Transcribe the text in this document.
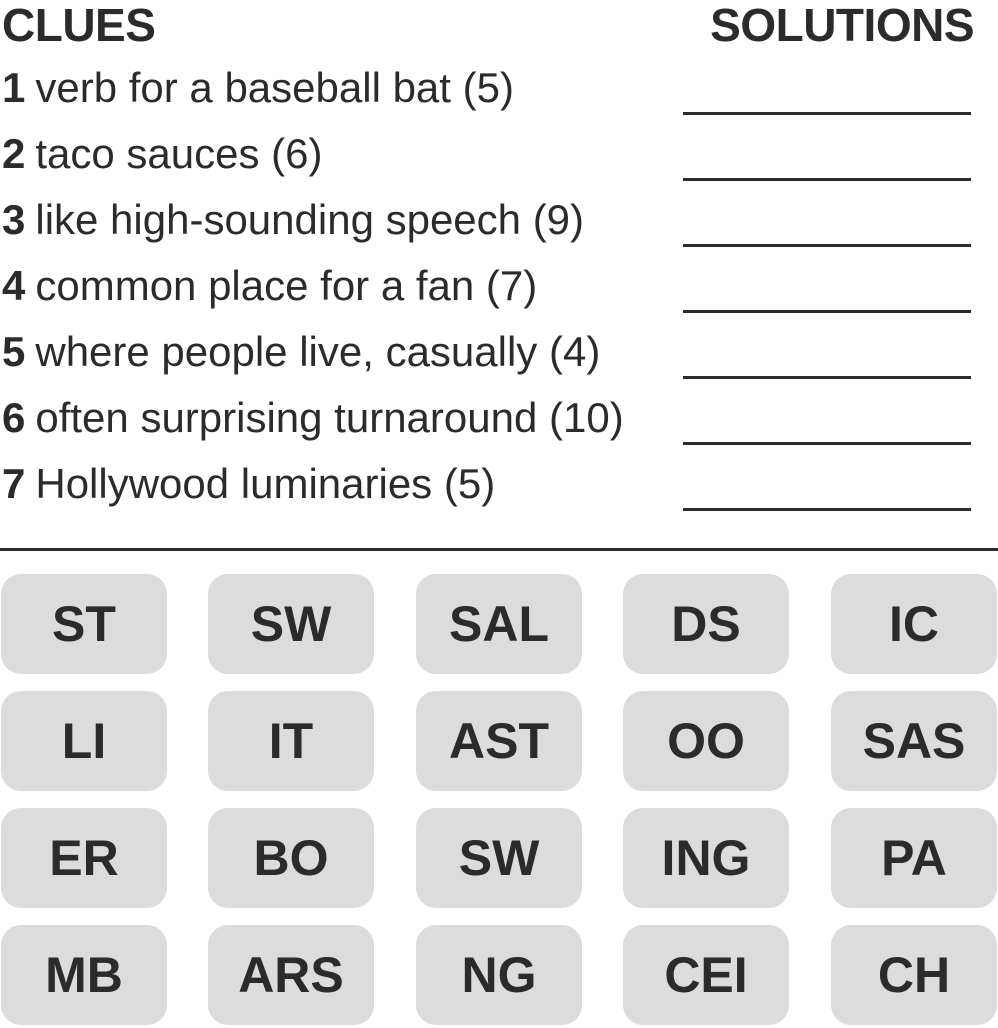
CLUES	SOLUTIONS
1 verb for a baseball bat (5)
2 taco sauces (6)
3 like high-sounding speech (9)
4 common place for a fan (7)
5 where people live, casually (4)
6 often surprising turnaround (10)
7 Hollywood luminaries (5)
ST	SW	SAL	DS	IC
LI	IT	AST	OO	SAS
ER	BO	SW	ING	PA
MB	ARS	NG	CEI	CH
